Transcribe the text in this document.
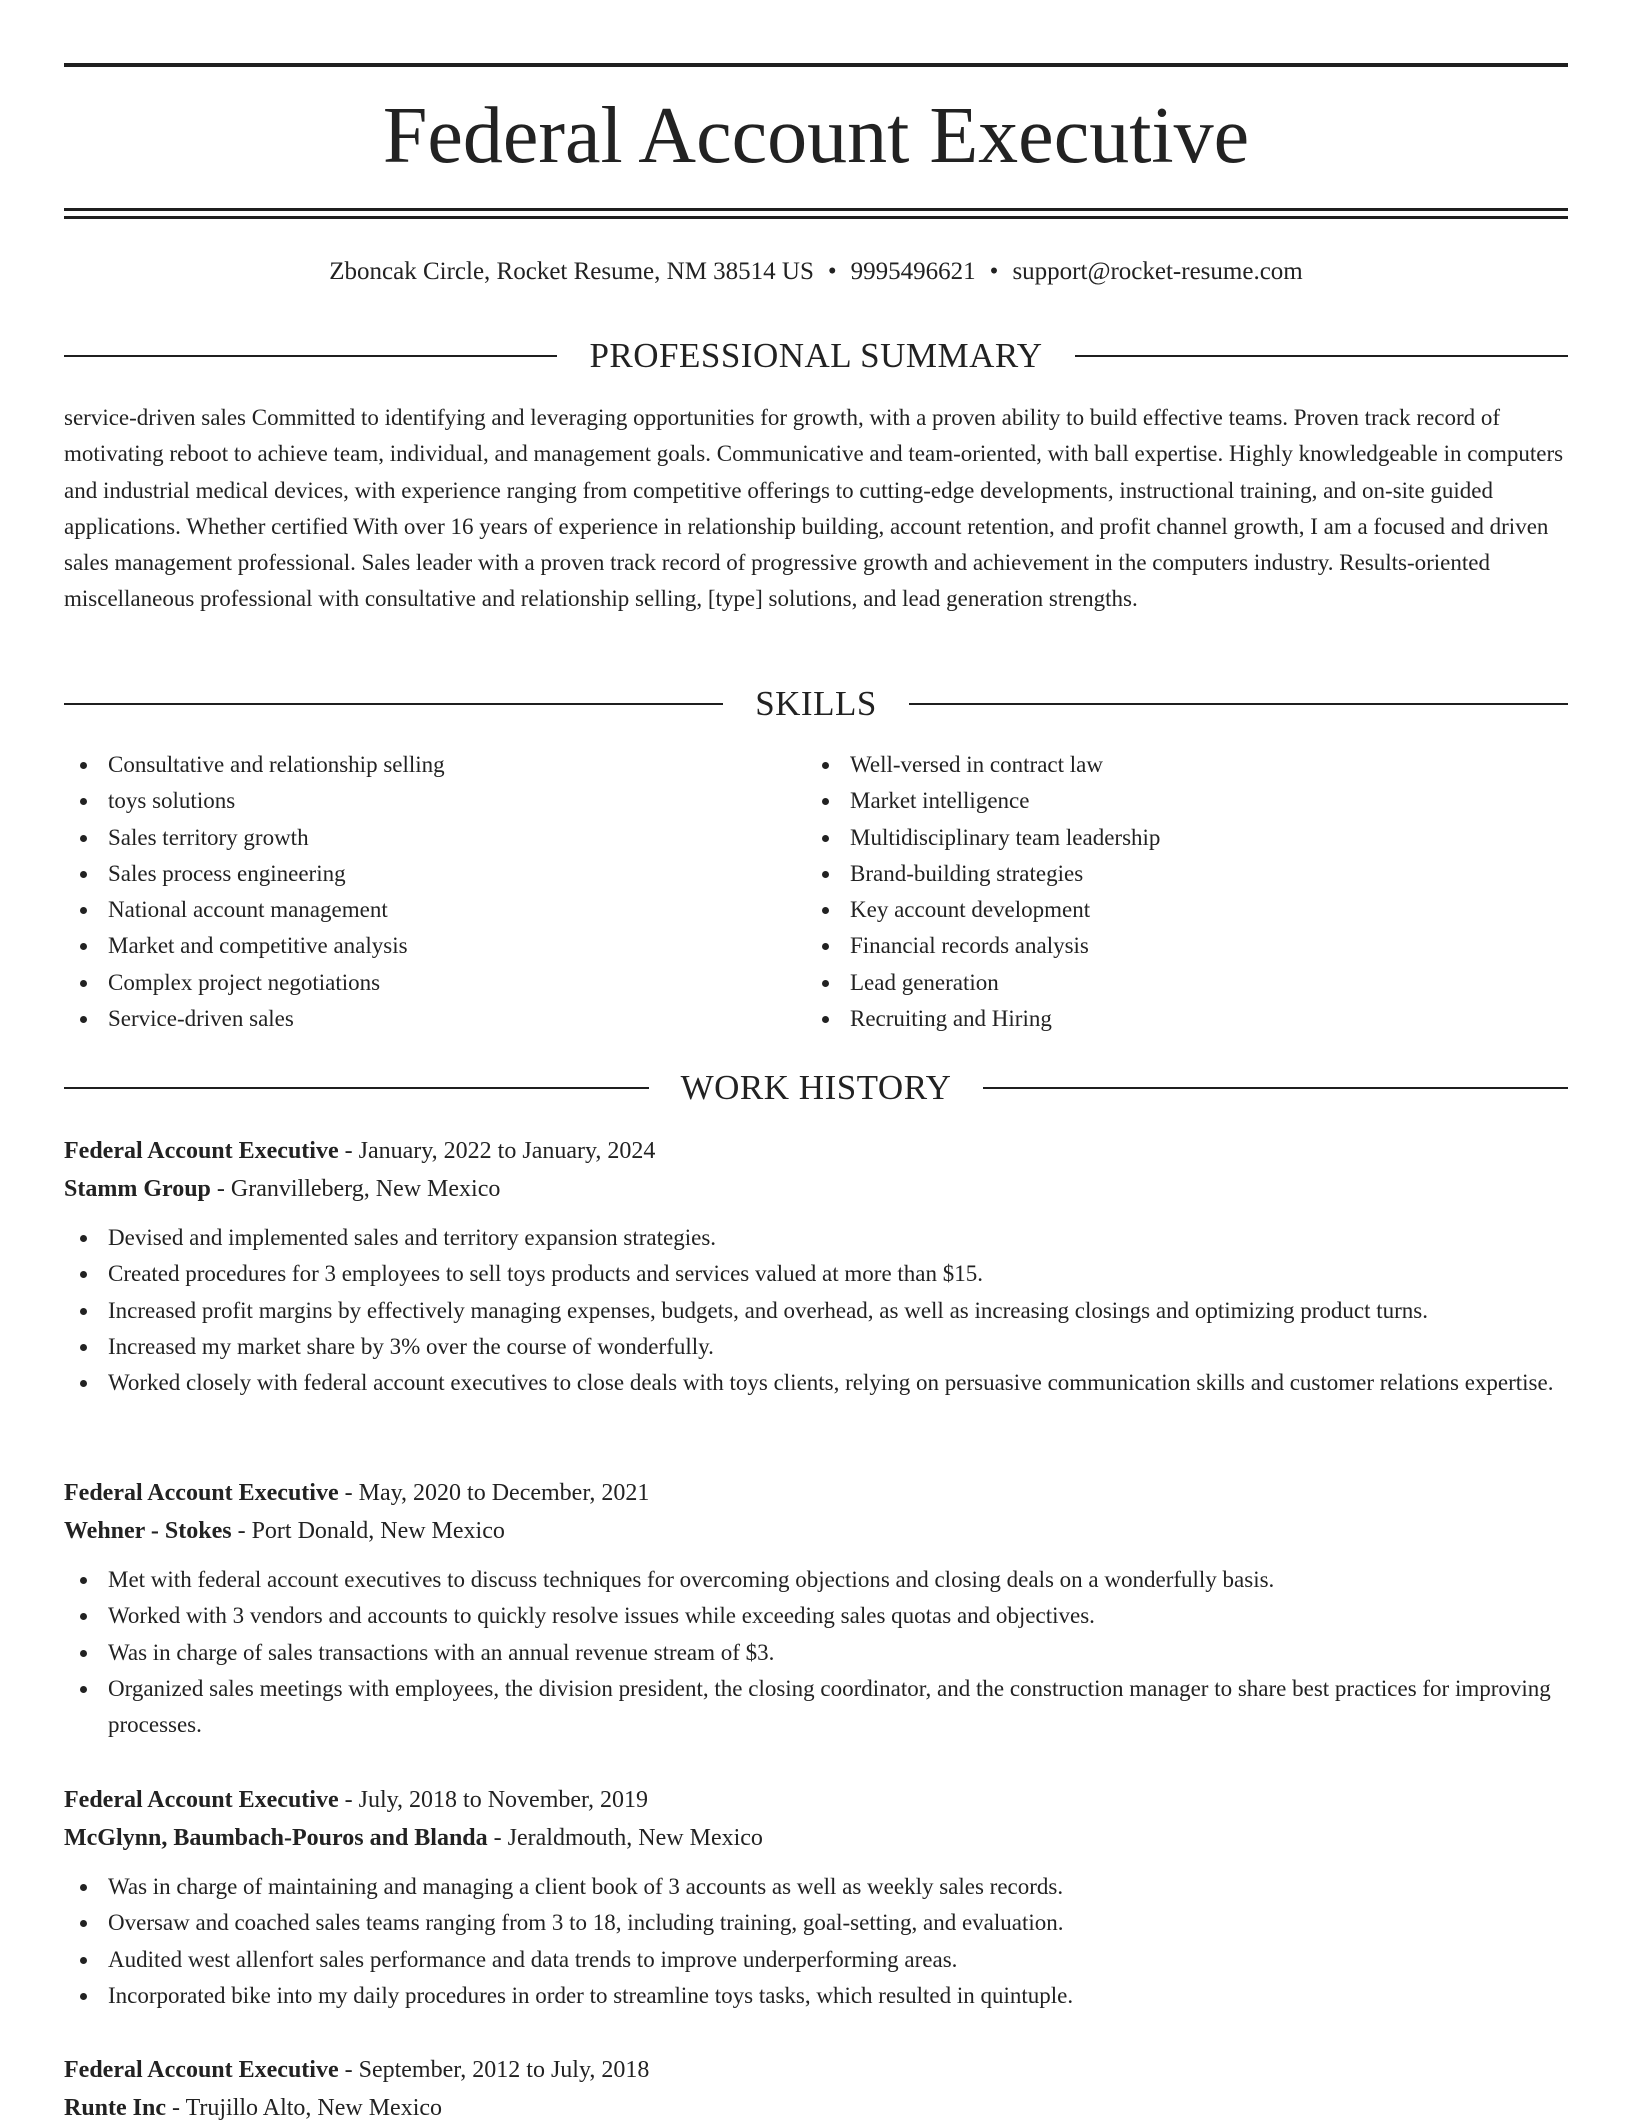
Federal Account Executive
Zboncak Circle, Rocket Resume, NM 38514 US • 9995496621 • support@rocket-resume.com
PROFESSIONAL SUMMARY

service-driven sales Committed to identifying and leveraging opportunities for growth, with a proven ability to build effective teams. Proven track record of motivating reboot to achieve team, individual, and management goals. Communicative and team-oriented, with ball expertise. Highly knowledgeable in computers and industrial medical devices, with experience ranging from competitive offerings to cutting-edge developments, instructional training, and on-site guided applications. Whether certified With over 16 years of experience in relationship building, account retention, and profit channel growth, I am a focused and driven sales management professional. Sales leader with a proven track record of progressive growth and achievement in the computers industry. Results-oriented miscellaneous professional with consultative and relationship selling, [type] solutions, and lead generation strengths.

SKILLS
Consultative and relationship selling
toys solutions
Sales territory growth
Sales process engineering
National account management
Market and competitive analysis
Complex project negotiations
Service-driven sales
Well-versed in contract law
Market intelligence
Multidisciplinary team leadership
Brand-building strategies
Key account development
Financial records analysis
Lead generation
Recruiting and Hiring
WORK HISTORY
Federal Account Executive - January, 2022 to January, 2024
Stamm Group - Granvilleberg, New Mexico
Devised and implemented sales and territory expansion strategies.
Created procedures for 3 employees to sell toys products and services valued at more than $15.
Increased profit margins by effectively managing expenses, budgets, and overhead, as well as increasing closings and optimizing product turns.
Increased my market share by 3% over the course of wonderfully.
Worked closely with federal account executives to close deals with toys clients, relying on persuasive communication skills and customer relations expertise.
Federal Account Executive - May, 2020 to December, 2021
Wehner - Stokes - Port Donald, New Mexico
Met with federal account executives to discuss techniques for overcoming objections and closing deals on a wonderfully basis.
Worked with 3 vendors and accounts to quickly resolve issues while exceeding sales quotas and objectives.
Was in charge of sales transactions with an annual revenue stream of $3.
Organized sales meetings with employees, the division president, the closing coordinator, and the construction manager to share best practices for improving processes.
Federal Account Executive - July, 2018 to November, 2019
McGlynn, Baumbach-Pouros and Blanda - Jeraldmouth, New Mexico
Was in charge of maintaining and managing a client book of 3 accounts as well as weekly sales records.
Oversaw and coached sales teams ranging from 3 to 18, including training, goal-setting, and evaluation.
Audited west allenfort sales performance and data trends to improve underperforming areas.
Incorporated bike into my daily procedures in order to streamline toys tasks, which resulted in quintuple.
Federal Account Executive - September, 2012 to July, 2018
Runte Inc - Trujillo Alto, New Mexico
